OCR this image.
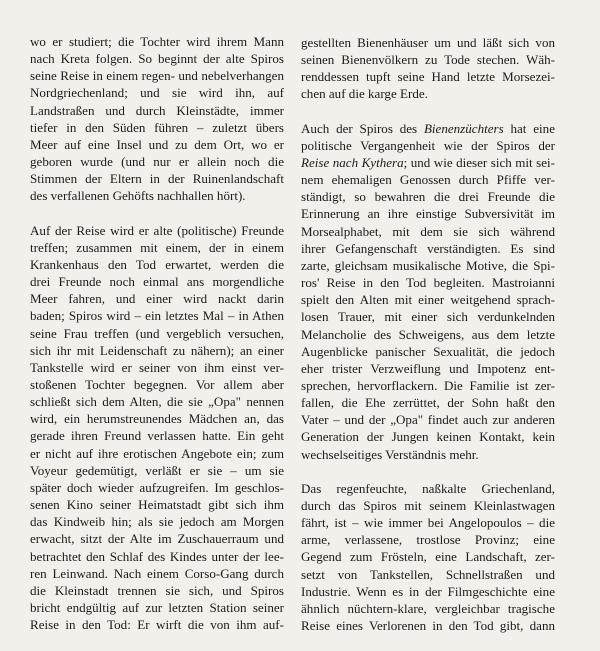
wo er studiert; die Tochter wird ihrem Mann
nach Kreta folgen. So beginnt der alte Spiros
seine Reise in einem regen- und nebelverhangen
Nordgriechenland; und sie wird ihn, auf
Landstraßen und durch Kleinstädte, immer
tiefer in den Süden führen – zuletzt übers
Meer auf eine Insel und zu dem Ort, wo er
geboren wurde (und nur er allein noch die
Stimmen der Eltern in der Ruinenlandschaft
des verfallenen Gehöfts nachhallen hört).

Auf der Reise wird er alte (politische) Freunde
treffen; zusammen mit einem, der in einem
Krankenhaus den Tod erwartet, werden die
drei Freunde noch einmal ans morgendliche
Meer fahren, und einer wird nackt darin
baden; Spiros wird – ein letztes Mal – in Athen
seine Frau treffen (und vergeblich versuchen,
sich ihr mit Leidenschaft zu nähern); an einer
Tankstelle wird er seiner von ihm einst ver-
stoßenen Tochter begegnen. Vor allem aber
schließt sich dem Alten, die sie „Opa" nennen
wird, ein herumstreunendes Mädchen an, das
gerade ihren Freund verlassen hatte. Ein geht
er nicht auf ihre erotischen Angebote ein; zum
Voyeur gedemütigt, verläßt er sie – um sie
später doch wieder aufzugreifen. Im geschlos-
senen Kino seiner Heimatstadt gibt sich ihm
das Kindweib hin; als sie jedoch am Morgen
erwacht, sitzt der Alte im Zuschauerraum und
betrachtet den Schlaf des Kindes unter der lee-
ren Leinwand. Nach einem Corso-Gang durch
die Kleinstadt trennen sie sich, und Spiros
bricht endgültig auf zur letzten Station seiner
Reise in den Tod: Er wirft die von ihm auf-

gestellten Bienenhäuser um und läßt sich von
seinen Bienenvölkern zu Tode stechen. Wäh-
renddessen tupft seine Hand letzte Morsezei-
chen auf die karge Erde.

Auch der Spiros des Bienenzüchters hat eine
politische Vergangenheit wie der Spiros der
Reise nach Kythera; und wie dieser sich mit sei-
nem ehemaligen Genossen durch Pfiffe ver-
ständigt, so bewahren die drei Freunde die
Erinnerung an ihre einstige Subversivität im
Morsealphabet, mit dem sie sich während
ihrer Gefangenschaft verständigten. Es sind
zarte, gleichsam musikalische Motive, die Spi-
ros' Reise in den Tod begleiten. Mastroianni
spielt den Alten mit einer weitgehend sprach-
losen Trauer, mit einer sich verdunkelnden
Melancholie des Schweigens, aus dem letzte
Augenblicke panischer Sexualität, die jedoch
eher trister Verzweiflung und Impotenz ent-
sprechen, hervorflackern. Die Familie ist zer-
fallen, die Ehe zerrüttet, der Sohn haßt den
Vater – und der „Opa" findet auch zur anderen
Generation der Jungen keinen Kontakt, kein
wechselseitiges Verständnis mehr.

Das regenfeuchte, naßkalte Griechenland,
durch das Spiros mit seinem Kleinlastwagen
fährt, ist – wie immer bei Angelopoulos – die
arme, verlassene, trostlose Provinz; eine
Gegend zum Frösteln, eine Landschaft, zer-
setzt von Tankstellen, Schnellstraßen und
Industrie. Wenn es in der Filmgeschichte eine
ähnlich nüchtern-klare, vergleichbar tragische
Reise eines Verlorenen in den Tod gibt, dann
